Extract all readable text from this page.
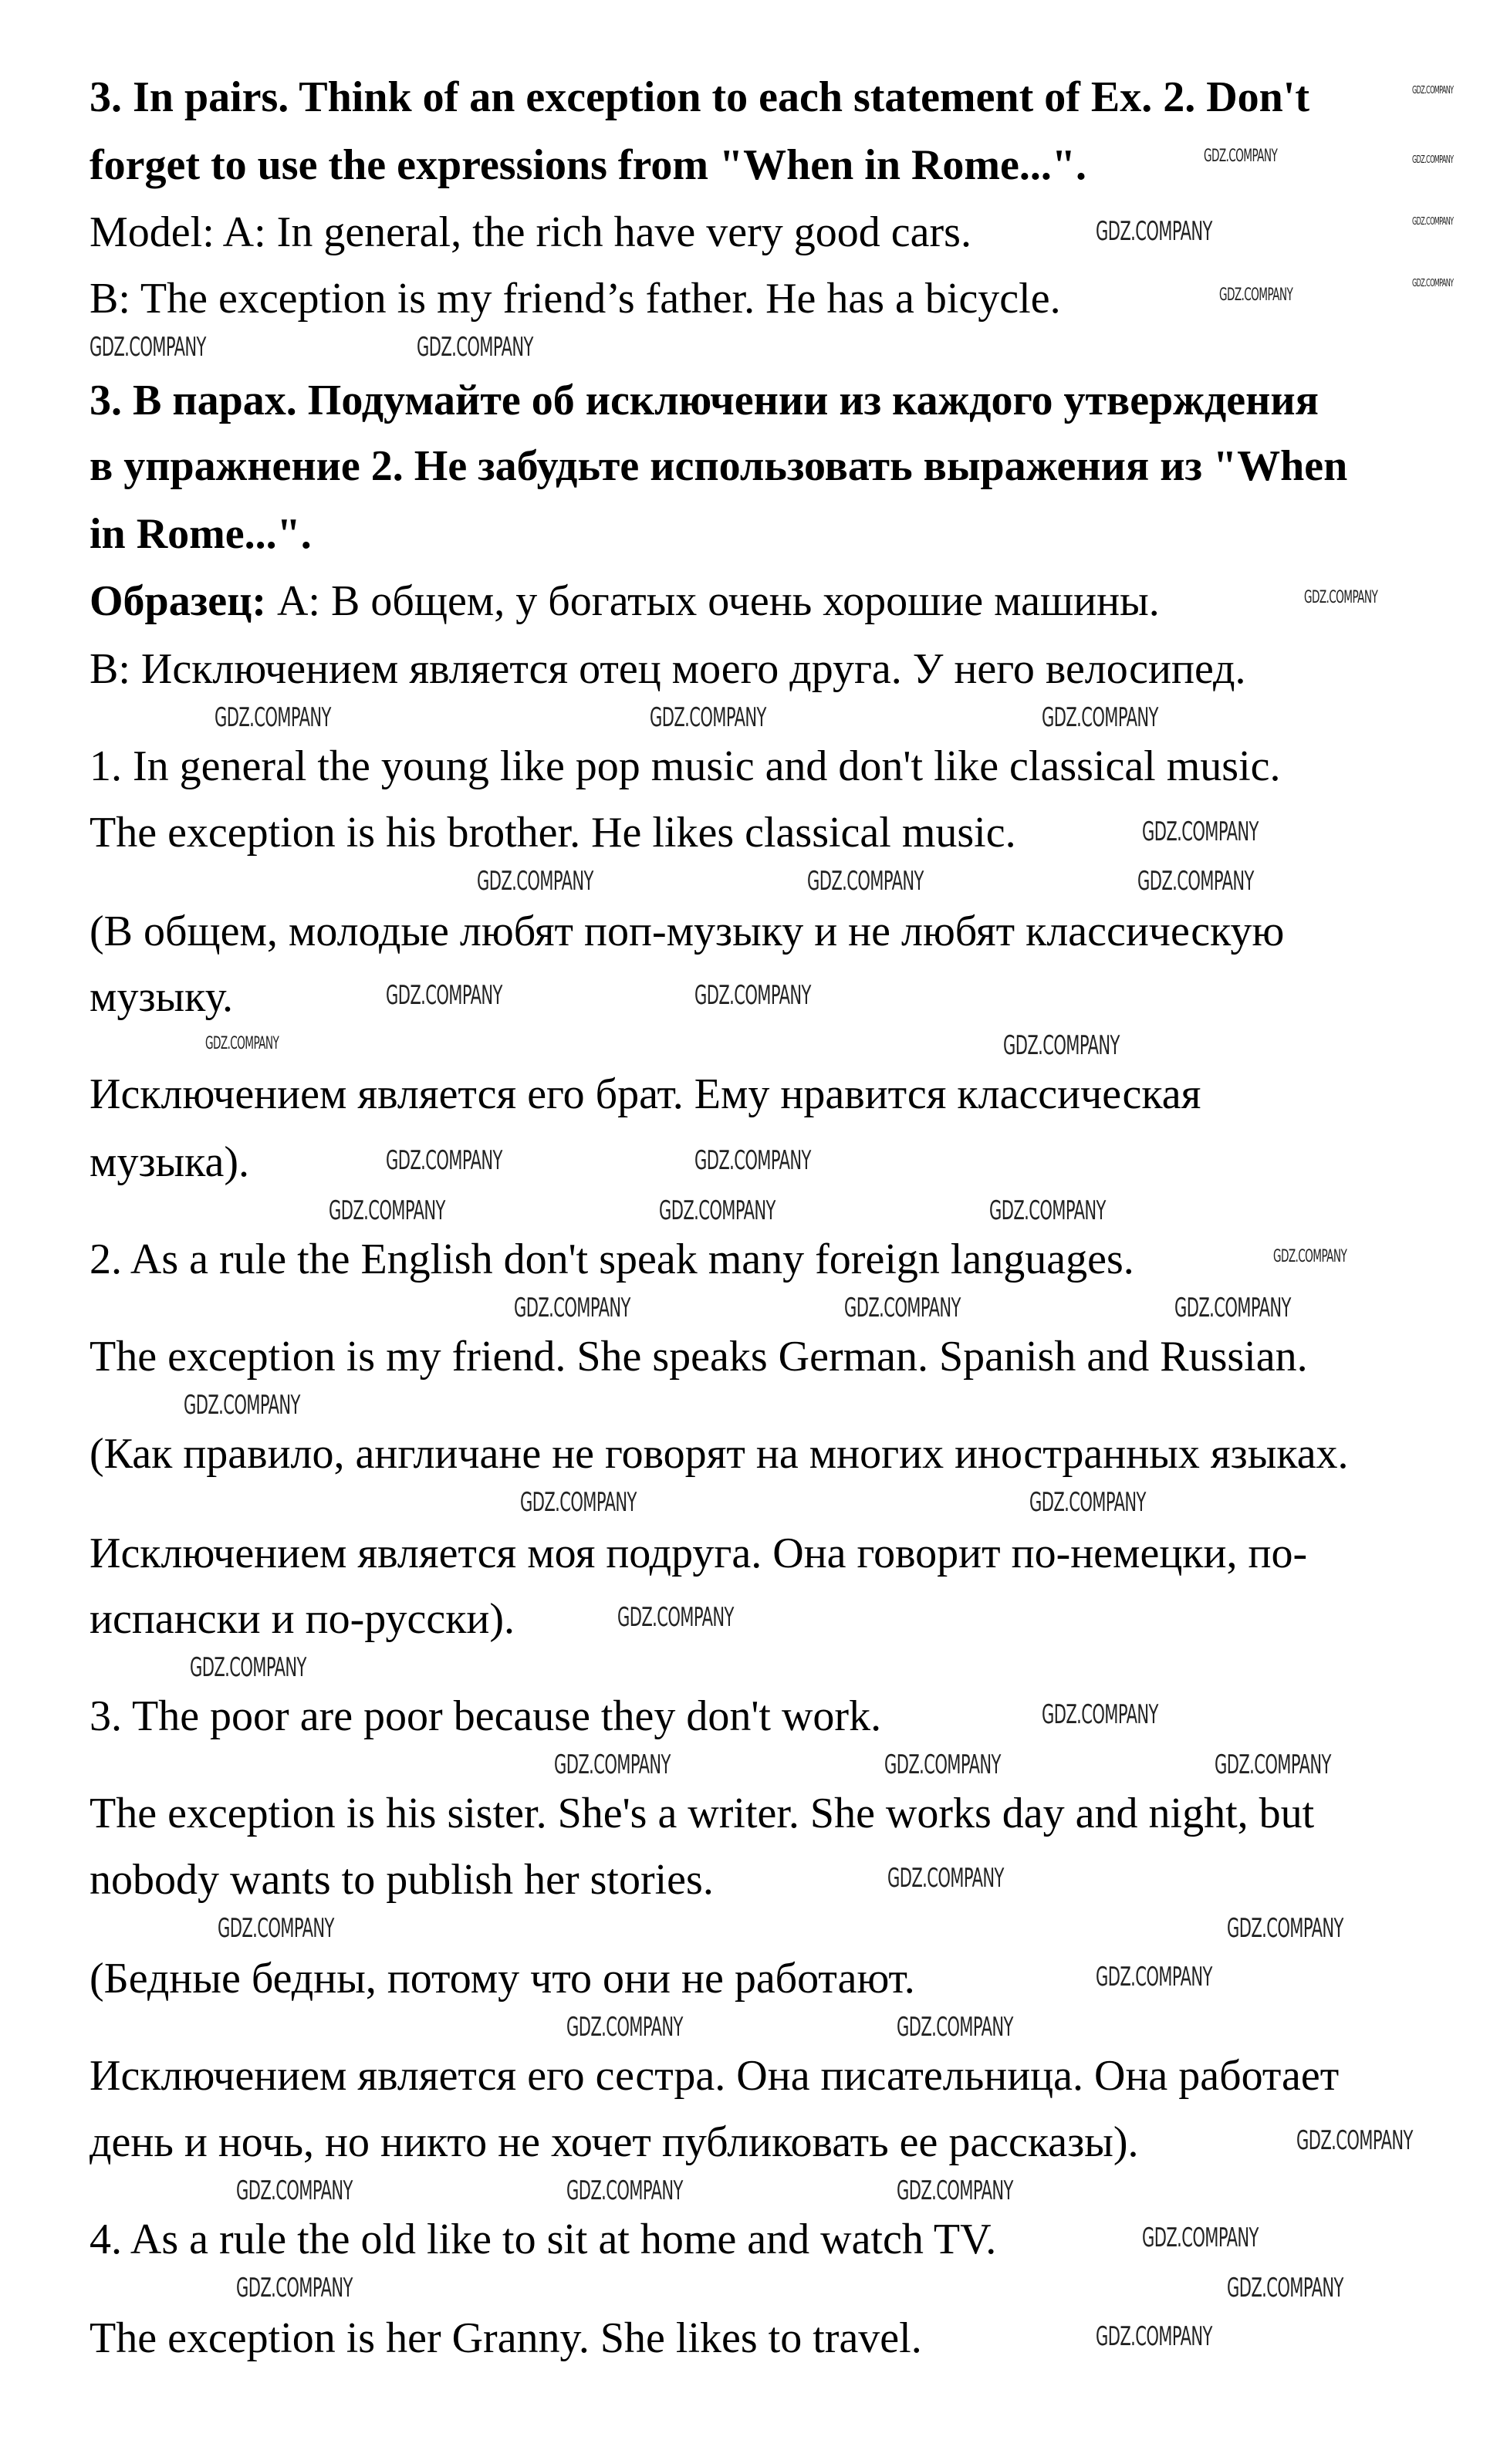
3. In pairs. Think of an exception to each statement of Ex. 2. Don't
forget to use the expressions from "When in Rome...".
Model: A: In general, the rich have very good cars.
B: The exception is my friend’s father. He has a bicycle.
3. В парах. Подумайте об исключении из каждого утверждения
в упражнение 2. Не забудьте использовать выражения из "When
in Rome...".
Образец: А: В общем, у богатых очень хорошие машины.
В: Исключением является отец моего друга. У него велосипед.
1. In general the young like pop music and don't like classical music.
The exception is his brother. He likes classical music.
(В общем, молодые любят поп-музыку и не любят классическую
музыку.
Исключением является его брат. Ему нравится классическая
музыка).
2. As a rule the English don't speak many foreign languages.
The exception is my friend. She speaks German. Spanish and Russian.
(Как правило, англичане не говорят на многих иностранных языках.
Исключением является моя подруга. Она говорит по-немецки, по-
испански и по-русски).
3. The poor are poor because they don't work.
The exception is his sister. She's a writer. She works day and night, but
nobody wants to publish her stories.
(Бедные бедны, потому что они не работают.
Исключением является его сестра. Она писательница. Она работает
день и ночь, но никто не хочет публиковать ее рассказы).
4. As a rule the old like to sit at home and watch TV.
The exception is her Granny. She likes to travel.
GDZ.COMPANY
GDZ.COMPANY
GDZ.COMPANY
GDZ.COMPANY
GDZ.COMPANY
GDZ.COMPANY
GDZ.COMPANY
GDZ.COMPANY	GDZ.COMPANY
GDZ.COMPANY
GDZ.COMPANY	GDZ.COMPANY	GDZ.COMPANY
GDZ.COMPANY
GDZ.COMPANY	GDZ.COMPANY	GDZ.COMPANY
GDZ.COMPANY	GDZ.COMPANY
GDZ.COMPANY	GDZ.COMPANY
GDZ.COMPANY	GDZ.COMPANY
GDZ.COMPANY	GDZ.COMPANY	GDZ.COMPANY
GDZ.COMPANY
GDZ.COMPANY	GDZ.COMPANY	GDZ.COMPANY
GDZ.COMPANY
GDZ.COMPANY	GDZ.COMPANY
GDZ.COMPANY
GDZ.COMPANY
GDZ.COMPANY
GDZ.COMPANY	GDZ.COMPANY	GDZ.COMPANY
GDZ.COMPANY
GDZ.COMPANY	GDZ.COMPANY
GDZ.COMPANY
GDZ.COMPANY	GDZ.COMPANY
GDZ.COMPANY
GDZ.COMPANY	GDZ.COMPANY	GDZ.COMPANY
GDZ.COMPANY
GDZ.COMPANY	GDZ.COMPANY
GDZ.COMPANY
